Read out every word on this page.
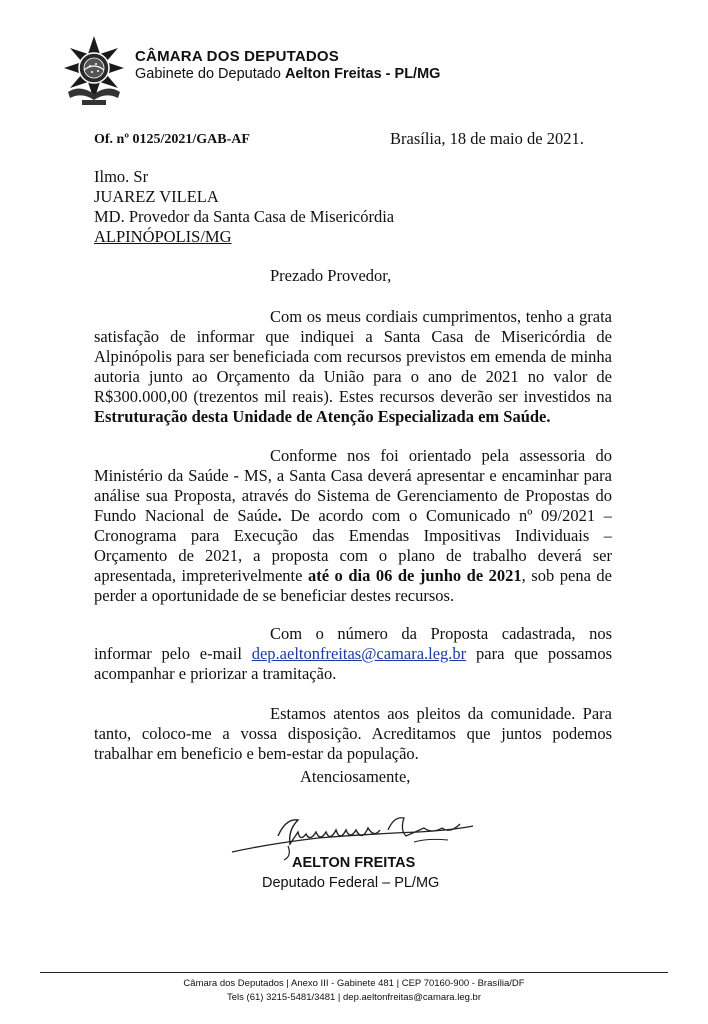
CÂMARA DOS DEPUTADOS
Gabinete do Deputado Aelton Freitas - PL/MG
Of. nº 0125/2021/GAB-AF	Brasília, 18 de maio de 2021.
Ilmo. Sr
JUAREZ VILELA
MD. Provedor da Santa Casa de Misericórdia
ALPINÓPOLIS/MG
Prezado Provedor,
Com os meus cordiais cumprimentos, tenho a grata satisfação de informar que indiquei a Santa Casa de Misericórdia de Alpinópolis para ser beneficiada com recursos previstos em emenda de minha autoria junto ao Orçamento da União para o ano de 2021 no valor de R$300.000,00 (trezentos mil reais). Estes recursos deverão ser investidos na Estruturação desta Unidade de Atenção Especializada em Saúde.
Conforme nos foi orientado pela assessoria do Ministério da Saúde - MS, a Santa Casa deverá apresentar e encaminhar para análise sua Proposta, através do Sistema de Gerenciamento de Propostas do Fundo Nacional de Saúde. De acordo com o Comunicado nº 09/2021 – Cronograma para Execução das Emendas Impositivas Individuais – Orçamento de 2021, a proposta com o plano de trabalho deverá ser apresentada, impreterivelmente até o dia 06 de junho de 2021, sob pena de perder a oportunidade de se beneficiar destes recursos.
Com o número da Proposta cadastrada, nos informar pelo e-mail dep.aeltonfreitas@camara.leg.br para que possamos acompanhar e priorizar a tramitação.
Estamos atentos aos pleitos da comunidade. Para tanto, coloco-me a vossa disposição. Acreditamos que juntos podemos trabalhar em beneficio e bem-estar da população.
Atenciosamente,
AELTON FREITAS
Deputado Federal – PL/MG
Câmara dos Deputados | Anexo III - Gabinete 481 | CEP 70160-900 - Brasília/DF
Tels (61) 3215-5481/3481 | dep.aeltonfreitas@camara.leg.br
